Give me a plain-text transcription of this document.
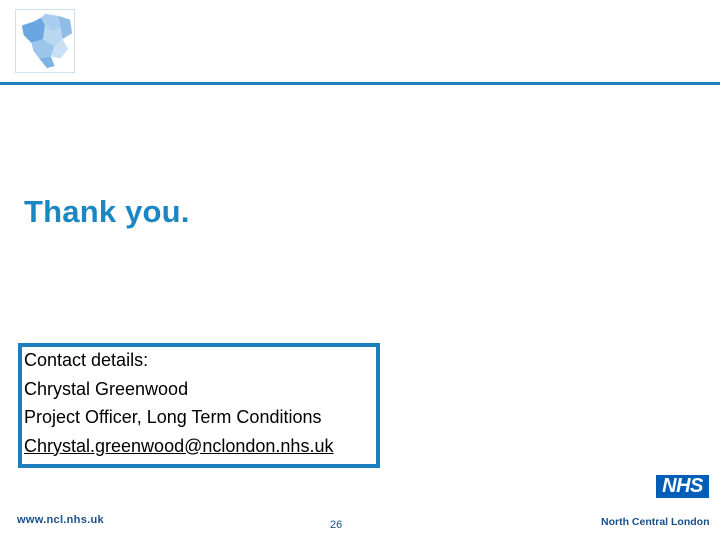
Thank you.
Contact details:
Chrystal Greenwood
Project Officer, Long Term Conditions
Chrystal.greenwood@nclondon.nhs.uk
www.ncl.nhs.uk	26
NHS
North Central London
